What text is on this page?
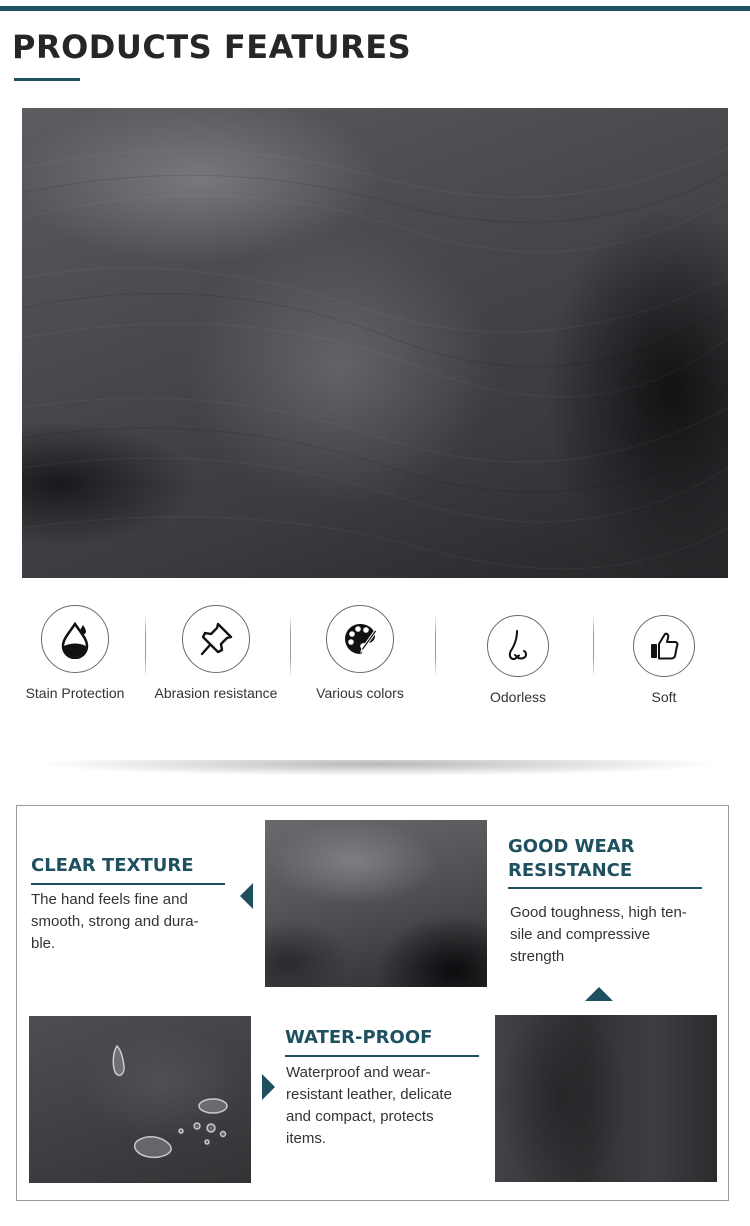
PRODUCTS FEATURES
Stain Protection	Abrasion resistance	Various colors	Odorless	Soft
CLEAR TEXTURE
The hand feels fine and
smooth, strong and dura-
ble.
GOOD WEAR
RESISTANCE
Good toughness, high ten-
sile and compressive
strength
WATER-PROOF
Waterproof and wear-
resistant leather, delicate
and compact, protects
items.
